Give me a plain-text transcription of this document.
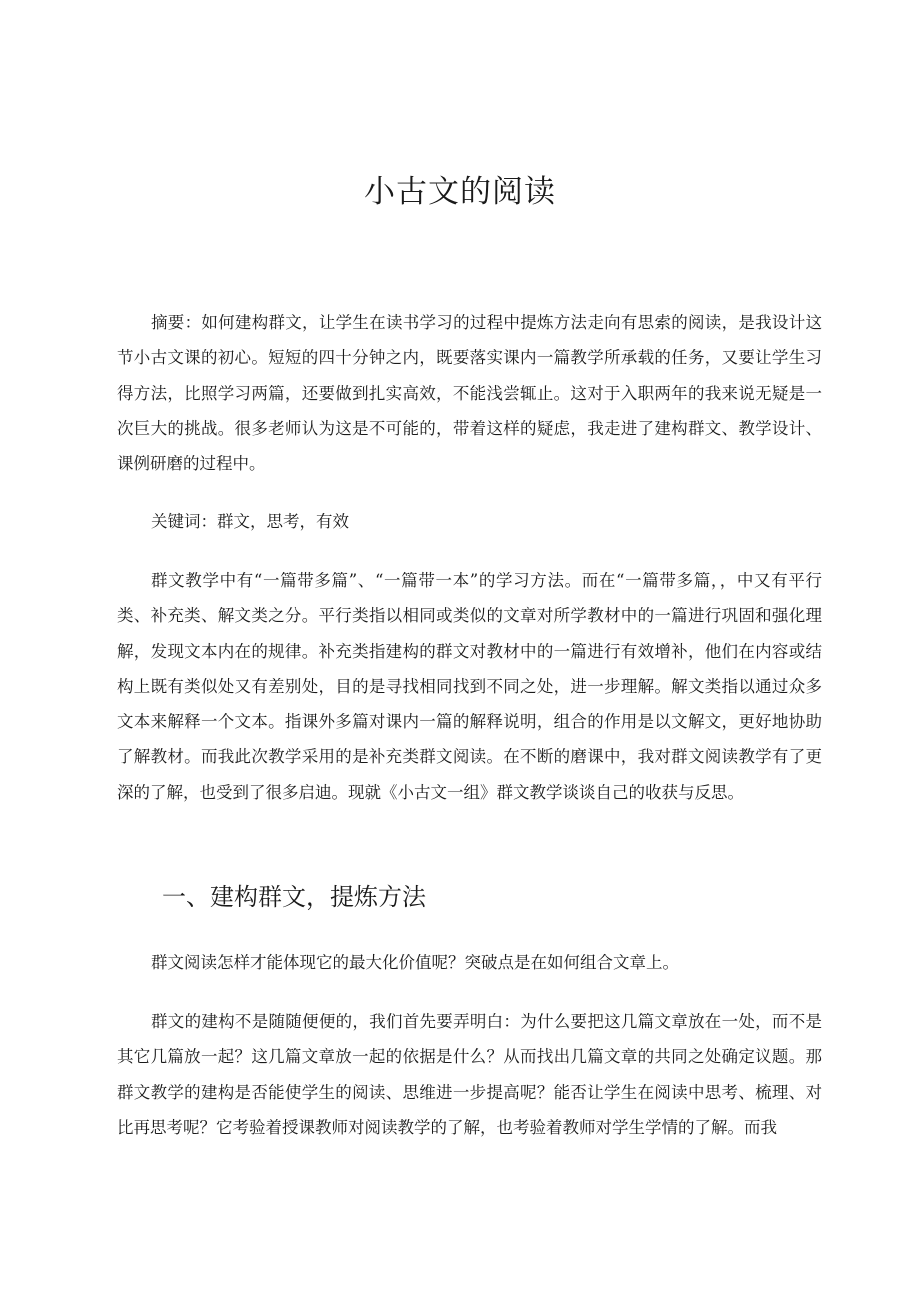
小古文的阅读

摘要：如何建构群文，让学生在读书学习的过程中提炼方法走向有思索的阅读，是我设计这节小古文课的初心。短短的四十分钟之内，既要落实课内一篇教学所承载的任务，又要让学生习得方法，比照学习两篇，还要做到扎实高效，不能浅尝辄止。这对于入职两年的我来说无疑是一次巨大的挑战。很多老师认为这是不可能的，带着这样的疑虑，我走进了建构群文、教学设计、课例研磨的过程中。

关键词：群文，思考，有效

群文教学中有“一篇带多篇”、“一篇带一本”的学习方法。而在“一篇带多篇，，中又有平行类、补充类、解文类之分。平行类指以相同或类似的文章对所学教材中的一篇进行巩固和强化理解，发现文本内在的规律。补充类指建构的群文对教材中的一篇进行有效增补，他们在内容或结构上既有类似处又有差别处，目的是寻找相同找到不同之处，进一步理解。解文类指以通过众多文本来解释一个文本。指课外多篇对课内一篇的解释说明，组合的作用是以文解文，更好地协助了解教材。而我此次教学采用的是补充类群文阅读。在不断的磨课中，我对群文阅读教学有了更深的了解，也受到了很多启迪。现就《小古文一组》群文教学谈谈自己的收获与反思。

一、建构群文，提炼方法

群文阅读怎样才能体现它的最大化价值呢？突破点是在如何组合文章上。

群文的建构不是随随便便的，我们首先要弄明白：为什么要把这几篇文章放在一处，而不是其它几篇放一起？这几篇文章放一起的依据是什么？从而找出几篇文章的共同之处确定议题。那群文教学的建构是否能使学生的阅读、思维进一步提高呢？能否让学生在阅读中思考、梳理、对比再思考呢？它考验着授课教师对阅读教学的了解，也考验着教师对学生学情的了解。而我
